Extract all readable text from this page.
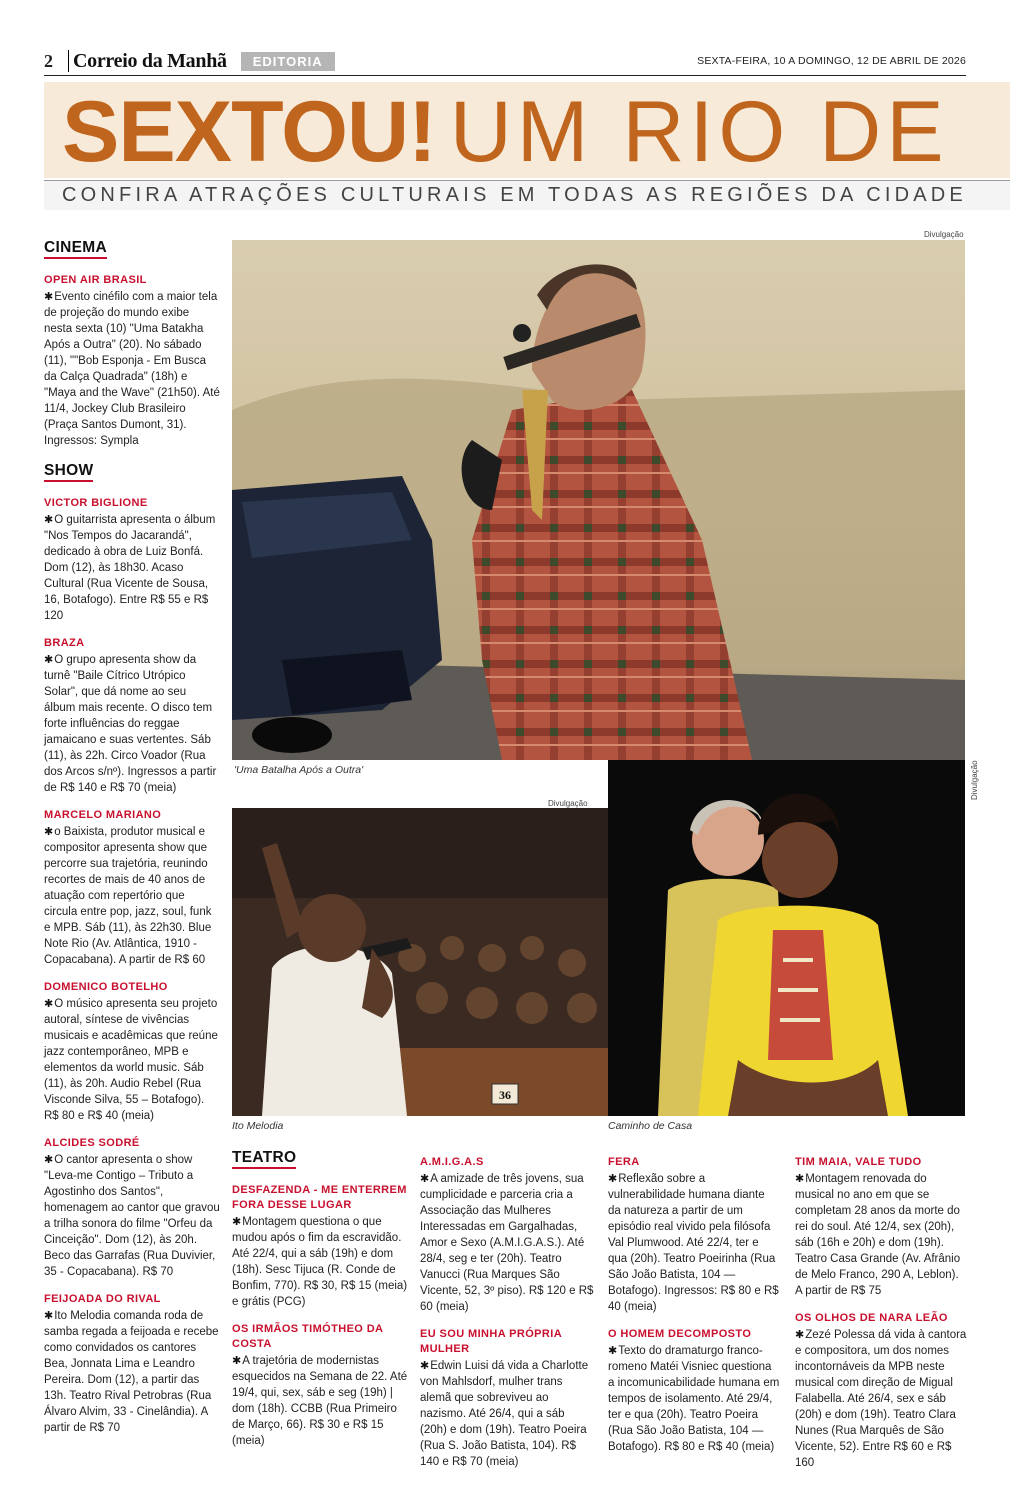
2	Correio da Manhã	EDITORIA	SEXTA-FEIRA, 10 A DOMINGO, 12 DE ABRIL DE 2026
SEXTOU! UM RIO DE
CONFIRA ATRAÇÕES CULTURAIS EM TODAS AS REGIÕES DA CIDADE
CINEMA
OPEN AIR BRASIL
✱Evento cinéfilo com a maior tela de projeção do mundo exibe nesta sexta (10) "Uma Batakha Após a Outra" (20). No sábado (11), ""Bob Esponja - Em Busca da Calça Quadrada" (18h) e "Maya and the Wave" (21h50). Até 11/4, Jockey Club Brasileiro (Praça Santos Dumont, 31). Ingressos: Sympla
SHOW
VICTOR BIGLIONE
✱O guitarrista apresenta o álbum "Nos Tempos do Jacarandá", dedicado à obra de Luiz Bonfá. Dom (12), às 18h30. Acaso Cultural (Rua Vicente de Sousa, 16, Botafogo). Entre R$ 55 e R$ 120
BRAZA
✱O grupo apresenta show da turnê "Baile Cítrico Utrópico Solar", que dá nome ao seu álbum mais recente. O disco tem forte influências do reggae jamaicano e suas vertentes. Sáb (11), às 22h. Circo Voador (Rua dos Arcos s/nº). Ingressos a partir de R$ 140 e R$ 70 (meia)
MARCELO MARIANO
✱o Baixista, produtor musical e compositor apresenta show que percorre sua trajetória, reunindo recortes de mais de 40 anos de atuação com repertório que circula entre pop, jazz, soul, funk e MPB. Sáb (11), às 22h30. Blue Note Rio (Av. Atlântica, 1910 - Copacabana). A partir de R$ 60
DOMENICO BOTELHO
✱O músico apresenta seu projeto autoral, síntese de vivências musicais e acadêmicas que reúne jazz contemporâneo, MPB e elementos da world music. Sáb (11), às 20h. Audio Rebel (Rua Visconde Silva, 55 – Botafogo). R$ 80 e R$ 40 (meia)
ALCIDES SODRÉ
✱O cantor apresenta o show "Leva-me Contigo – Tributo a Agostinho dos Santos", homenagem ao cantor que gravou a trilha sonora do filme "Orfeu da Cinceição". Dom (12), às 20h. Beco das Garrafas (Rua Duvivier, 35 - Copacabana). R$ 70
FEIJOADA DO RIVAL
✱Ito Melodia comanda roda de samba regada a feijoada e recebe como convidados os cantores Bea, Jonnata Lima e Leandro Pereira. Dom (12), a partir das 13h. Teatro Rival Petrobras (Rua Álvaro Alvim, 33 - Cinelândia). A partir de R$ 70
Divulgação
'Uma Batalha Após a Outra'
Divulgação
36
Ito Melodia	Caminho de Casa
Divulgação
TEATRO
DESFAZENDA - ME ENTERREM FORA DESSE LUGAR
✱Montagem questiona o que mudou após o fim da escravidão. Até 22/4, qui a sáb (19h) e dom (18h). Sesc Tijuca (R. Conde de Bonfim, 770). R$ 30, R$ 15 (meia) e grátis (PCG)
OS IRMÃOS TIMÓTHEO DA COSTA
✱A trajetória de modernistas esquecidos na Semana de 22. Até 19/4, qui, sex, sáb e seg (19h) | dom (18h). CCBB (Rua Primeiro de Março, 66). R$ 30 e R$ 15 (meia)
A.M.I.G.A.S
✱A amizade de três jovens, sua cumplicidade e parceria cria a Associação das Mulheres Interessadas em Gargalhadas, Amor e Sexo (A.M.I.G.A.S.). Até 28/4, seg e ter (20h). Teatro Vanucci (Rua Marques São Vicente, 52, 3º piso). R$ 120 e R$ 60 (meia)
EU SOU MINHA PRÓPRIA MULHER
✱Edwin Luisi dá vida a Charlotte von Mahlsdorf, mulher trans alemã que sobreviveu ao nazismo. Até 26/4, qui a sáb (20h) e dom (19h). Teatro Poeira (Rua S. João Batista, 104). R$ 140 e R$ 70 (meia)
FERA
✱Reflexão sobre a vulnerabilidade humana diante da natureza a partir de um episódio real vivido pela filósofa Val Plumwood. Até 22/4, ter e qua (20h). Teatro Poeirinha (Rua São João Batista, 104 — Botafogo). Ingressos: R$ 80 e R$ 40 (meia)
O HOMEM DECOMPOSTO
✱Texto do dramaturgo franco-romeno Matéi Visniec questiona a incomunicabilidade humana em tempos de isolamento. Até 29/4, ter e qua (20h). Teatro Poeira (Rua São João Batista, 104 — Botafogo). R$ 80 e R$ 40 (meia)
TIM MAIA, VALE TUDO
✱Montagem renovada do musical no ano em que se completam 28 anos da morte do rei do soul. Até 12/4, sex (20h), sáb (16h e 20h) e dom (19h). Teatro Casa Grande (Av. Afrânio de Melo Franco, 290 A, Leblon). A partir de R$ 75
OS OLHOS DE NARA LEÃO
✱Zezé Polessa dá vida à cantora e compositora, um dos nomes incontornáveis da MPB neste musical com direção de Migual Falabella. Até 26/4, sex e sáb (20h) e dom (19h). Teatro Clara Nunes (Rua Marquês de São Vicente, 52). Entre R$ 60 e R$ 160
